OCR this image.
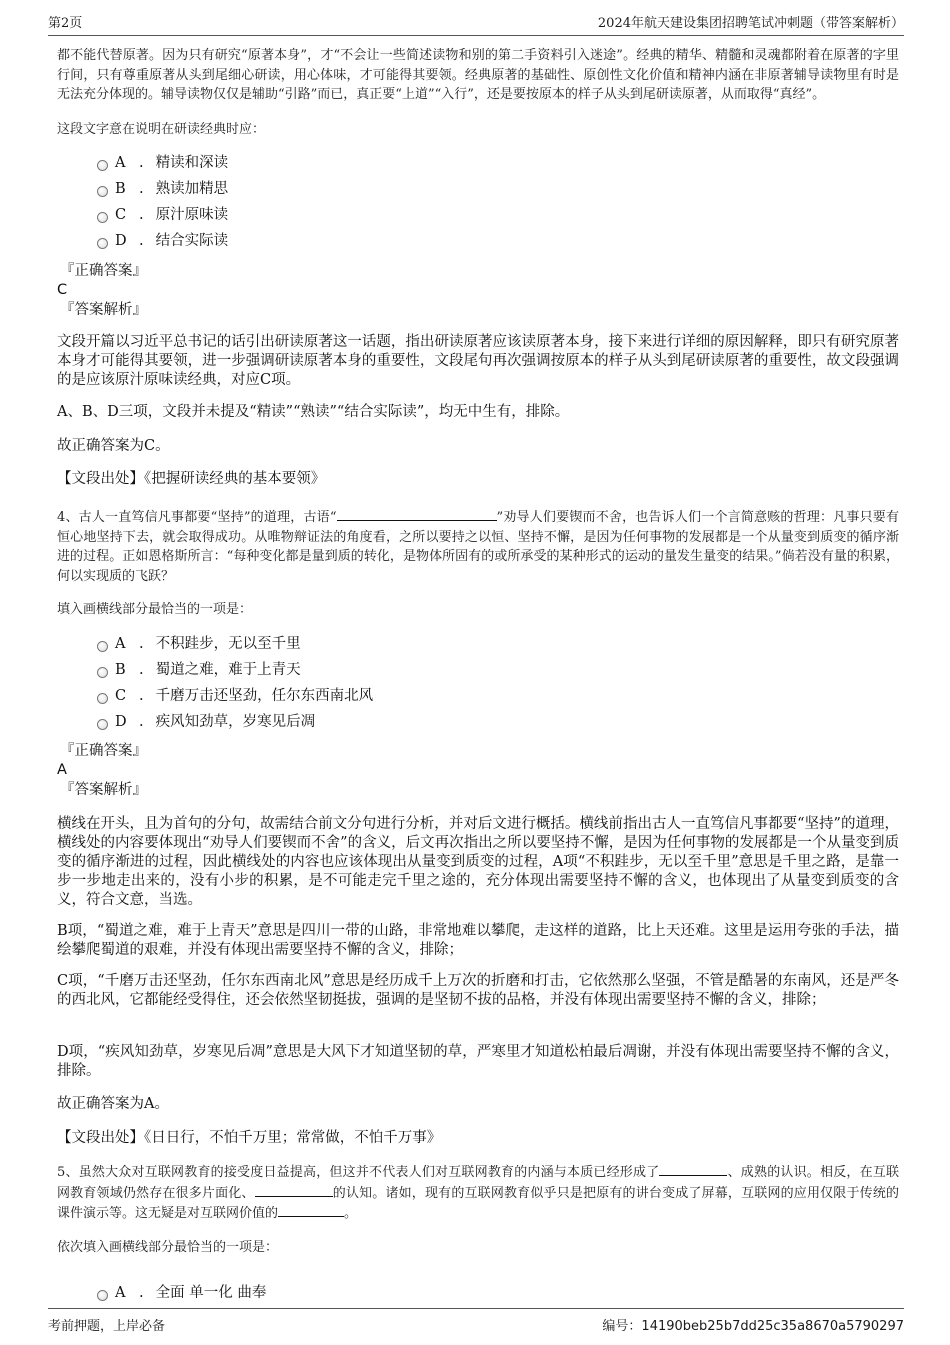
第2页	2024年航天建设集团招聘笔试冲刺题（带答案解析）
都不能代替原著。因为只有研究“原著本身”，才“不会让一些简述读物和别的第二手资料引入迷途”。经典的精华、精髓和灵魂都附着在原著的字里行间，只有尊重原著从头到尾细心研读，用心体味，才可能得其要领。经典原著的基础性、原创性文化价值和精神内涵在非原著辅导读物里有时是无法充分体现的。辅导读物仅仅是辅助“引路”而已，真正要“上道”“入行”，还是要按原本的样子从头到尾研读原著，从而取得“真经”。
这段文字意在说明在研读经典时应：
A . 精读和深读
B . 熟读加精思
C . 原汁原味读
D . 结合实际读
『正确答案』
C
『答案解析』
文段开篇以习近平总书记的话引出研读原著这一话题，指出研读原著应该读原著本身，接下来进行详细的原因解释，即只有研究原著本身才可能得其要领，进一步强调研读原著本身的重要性，文段尾句再次强调按原本的样子从头到尾研读原著的重要性，故文段强调的是应该原汁原味读经典，对应C项。
A、B、D三项，文段并未提及“精读”“熟读”“结合实际读”，均无中生有，排除。
故正确答案为C。
【文段出处】《把握研读经典的基本要领》
4、古人一直笃信凡事都要“坚持”的道理，古语“	”劝导人们要锲而不舍，也告诉人们一个言简意赅的哲理：凡事只要有恒心地坚持下去，就会取得成功。从唯物辩证法的角度看，之所以要持之以恒、坚持不懈，是因为任何事物的发展都是一个从量变到质变的循序渐进的过程。正如恩格斯所言：“每种变化都是量到质的转化，是物体所固有的或所承受的某种形式的运动的量发生量变的结果。”倘若没有量的积累，何以实现质的飞跃？
填入画横线部分最恰当的一项是：
A . 不积跬步，无以至千里
B . 蜀道之难，难于上青天
C . 千磨万击还坚劲，任尔东西南北风
D . 疾风知劲草，岁寒见后凋
『正确答案』
A
『答案解析』
横线在开头，且为首句的分句，故需结合前文分句进行分析，并对后文进行概括。横线前指出古人一直笃信凡事都要“坚持”的道理，横线处的内容要体现出“劝导人们要锲而不舍”的含义，后文再次指出之所以要坚持不懈，是因为任何事物的发展都是一个从量变到质变的循序渐进的过程，因此横线处的内容也应该体现出从量变到质变的过程，A项“不积跬步，无以至千里”意思是千里之路，是靠一步一步地走出来的，没有小步的积累，是不可能走完千里之途的，充分体现出需要坚持不懈的含义，也体现出了从量变到质变的含义，符合文意，当选。
B项，“蜀道之难，难于上青天”意思是四川一带的山路，非常地难以攀爬，走这样的道路，比上天还难。这里是运用夸张的手法，描绘攀爬蜀道的艰难，并没有体现出需要坚持不懈的含义，排除；
C项，“千磨万击还坚劲，任尔东西南北风”意思是经历成千上万次的折磨和打击，它依然那么坚强，不管是酷暑的东南风，还是严冬的西北风，它都能经受得住，还会依然坚韧挺拔，强调的是坚韧不拔的品格，并没有体现出需要坚持不懈的含义，排除；
D项，“疾风知劲草，岁寒见后凋”意思是大风下才知道坚韧的草，严寒里才知道松柏最后凋谢，并没有体现出需要坚持不懈的含义，排除。
故正确答案为A。
【文段出处】《日日行，不怕千万里；常常做，不怕千万事》
5、虽然大众对互联网教育的接受度日益提高，但这并不代表人们对互联网教育的内涵与本质已经形成了	、成熟的认识。相反，在互联网教育领域仍然存在很多片面化、	的认知。诸如，现有的互联网教育似乎只是把原有的讲台变成了屏幕，互联网的应用仅限于传统的课件演示等。这无疑是对互联网价值的	。
依次填入画横线部分最恰当的一项是：
A . 全面 单一化 曲奉
考前押题，上岸必备	编号：14190beb25b7dd25c35a8670a5790297
